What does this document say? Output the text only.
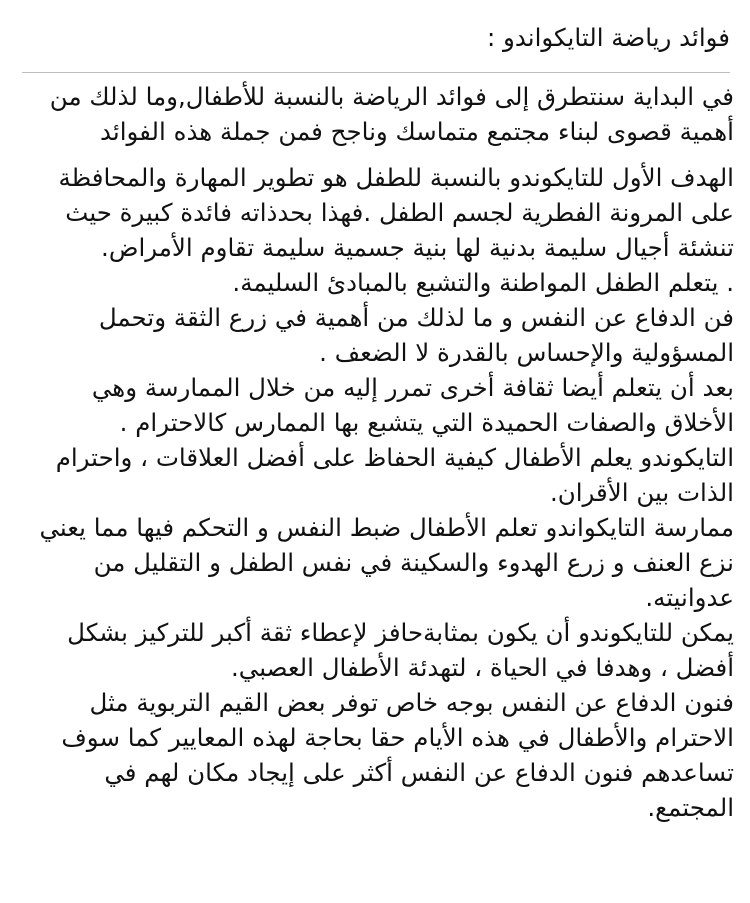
فوائد رياضة التايكواندو :

في البداية سنتطرق إلى فوائد الرياضة بالنسبة للأطفال,وما لذلك من أهمية قصوى لبناء مجتمع متماسك وناجح فمن جملة هذه الفوائد

الهدف الأول للتايكوندو بالنسبة للطفل هو تطوير المهارة والمحافظة على المرونة الفطرية لجسم الطفل .فهذا بحدذاته فائدة كبيرة حيث تنشئة أجيال سليمة بدنية لها بنية جسمية سليمة تقاوم الأمراض.

. يتعلم الطفل المواطنة والتشبع بالمبادئ السليمة.

فن الدفاع عن النفس و ما لذلك من أهمية في زرع الثقة وتحمل المسؤولية والإحساس بالقدرة لا الضعف .

بعد أن يتعلم أيضا ثقافة أخرى تمرر إليه من خلال الممارسة وهي الأخلاق والصفات الحميدة التي يتشبع بها الممارس كالاحترام .

التايكوندو يعلم الأطفال كيفية الحفاظ على أفضل العلاقات ، واحترام الذات بين الأقران.

ممارسة التايكواندو تعلم الأطفال ضبط النفس و التحكم فيها مما يعني نزع العنف و زرع الهدوء والسكينة في نفس الطفل و التقليل من عدوانيته.

يمكن للتايكوندو أن يكون بمثابةحافز لإعطاء ثقة أكبر للتركيز بشكل أفضل ، وهدفا في الحياة ، لتهدئة الأطفال العصبي.

فنون الدفاع عن النفس بوجه خاص توفر بعض القيم التربوية مثل الاحترام والأطفال في هذه الأيام حقا بحاجة لهذه المعايير كما سوف تساعدهم فنون الدفاع عن النفس أكثر على إيجاد مكان لهم في المجتمع.
